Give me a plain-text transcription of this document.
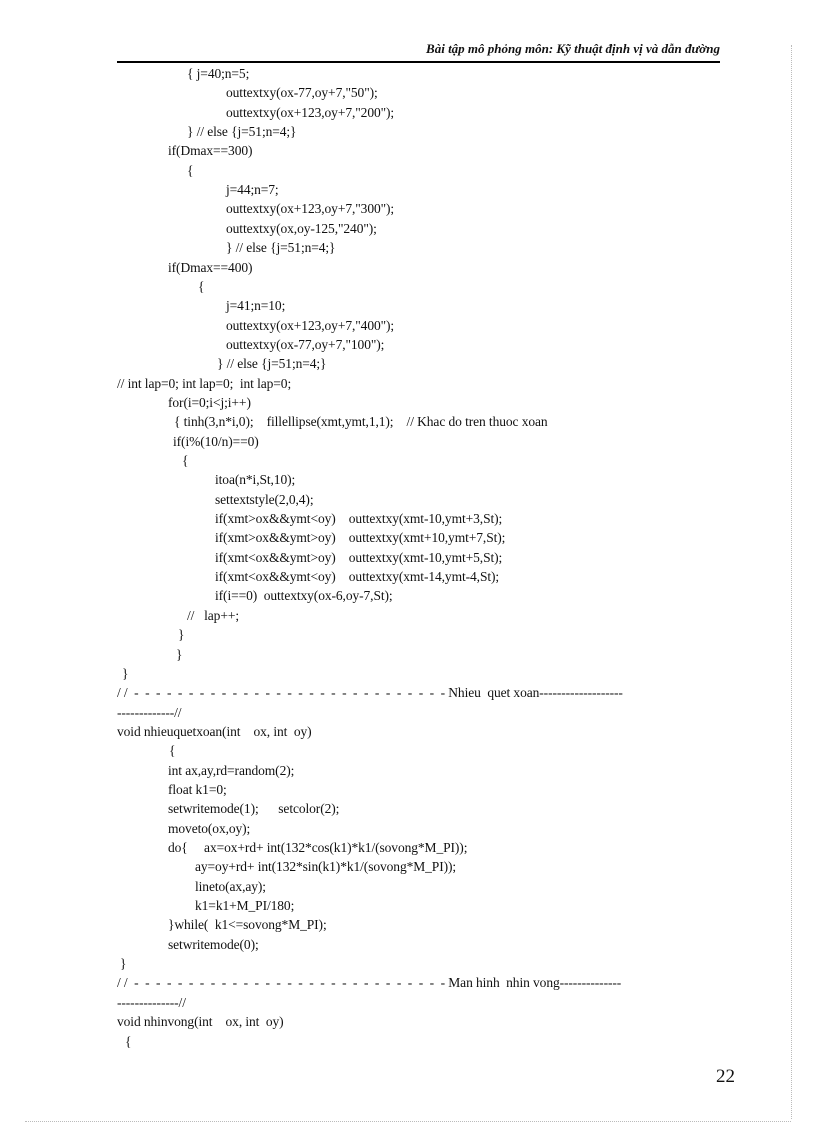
Bài tập mô phỏng môn: Kỹ thuật định vị và dẫn đường
{ j=40;n=5;
outtextxy(ox-77,oy+7,"50");
outtextxy(ox+123,oy+7,"200");
} // else {j=51;n=4;}
if(Dmax==300)
{
j=44;n=7;
outtextxy(ox+123,oy+7,"300");
outtextxy(ox,oy-125,"240");
} // else {j=51;n=4;}
if(Dmax==400)
{
j=41;n=10;
outtextxy(ox+123,oy+7,"400");
outtextxy(ox-77,oy+7,"100");
} // else {j=51;n=4;}
// int lap=0; int lap=0;  int lap=0;
for(i=0;i<j;i++)
{ tinh(3,n*i,0);    fillellipse(xmt,ymt,1,1);    // Khac do tren thuoc xoan
if(i%(10/n)==0)
{
itoa(n*i,St,10);
settextstyle(2,0,4);
if(xmt>ox&&ymt<oy)    outtextxy(xmt-10,ymt+3,St);
if(xmt>ox&&ymt>oy)    outtextxy(xmt+10,ymt+7,St);
if(xmt<ox&&ymt>oy)    outtextxy(xmt-10,ymt+5,St);
if(xmt<ox&&ymt<oy)    outtextxy(xmt-14,ymt-4,St);
if(i==0)  outtextxy(ox-6,oy-7,St);
//   lap++;
}
}
}
/ /  -  -  -  -  -  -  -  -  -  -  -  -  -  -  -  -  -  -  -  -  -  -  -  -  -  -  -  -  - Nhieu  quet xoan-------------------
-------------//
void nhieuquetxoan(int    ox, int  oy)
{
int ax,ay,rd=random(2);
float k1=0;
setwritemode(1);      setcolor(2);
moveto(ox,oy);
do{     ax=ox+rd+ int(132*cos(k1)*k1/(sovong*M_PI));
ay=oy+rd+ int(132*sin(k1)*k1/(sovong*M_PI));
lineto(ax,ay);
k1=k1+M_PI/180;
}while(  k1<=sovong*M_PI);
setwritemode(0);
}
/ /  -  -  -  -  -  -  -  -  -  -  -  -  -  -  -  -  -  -  -  -  -  -  -  -  -  -  -  -  - Man hinh  nhin vong--------------
--------------//
void nhinvong(int    ox, int  oy)
{
22
